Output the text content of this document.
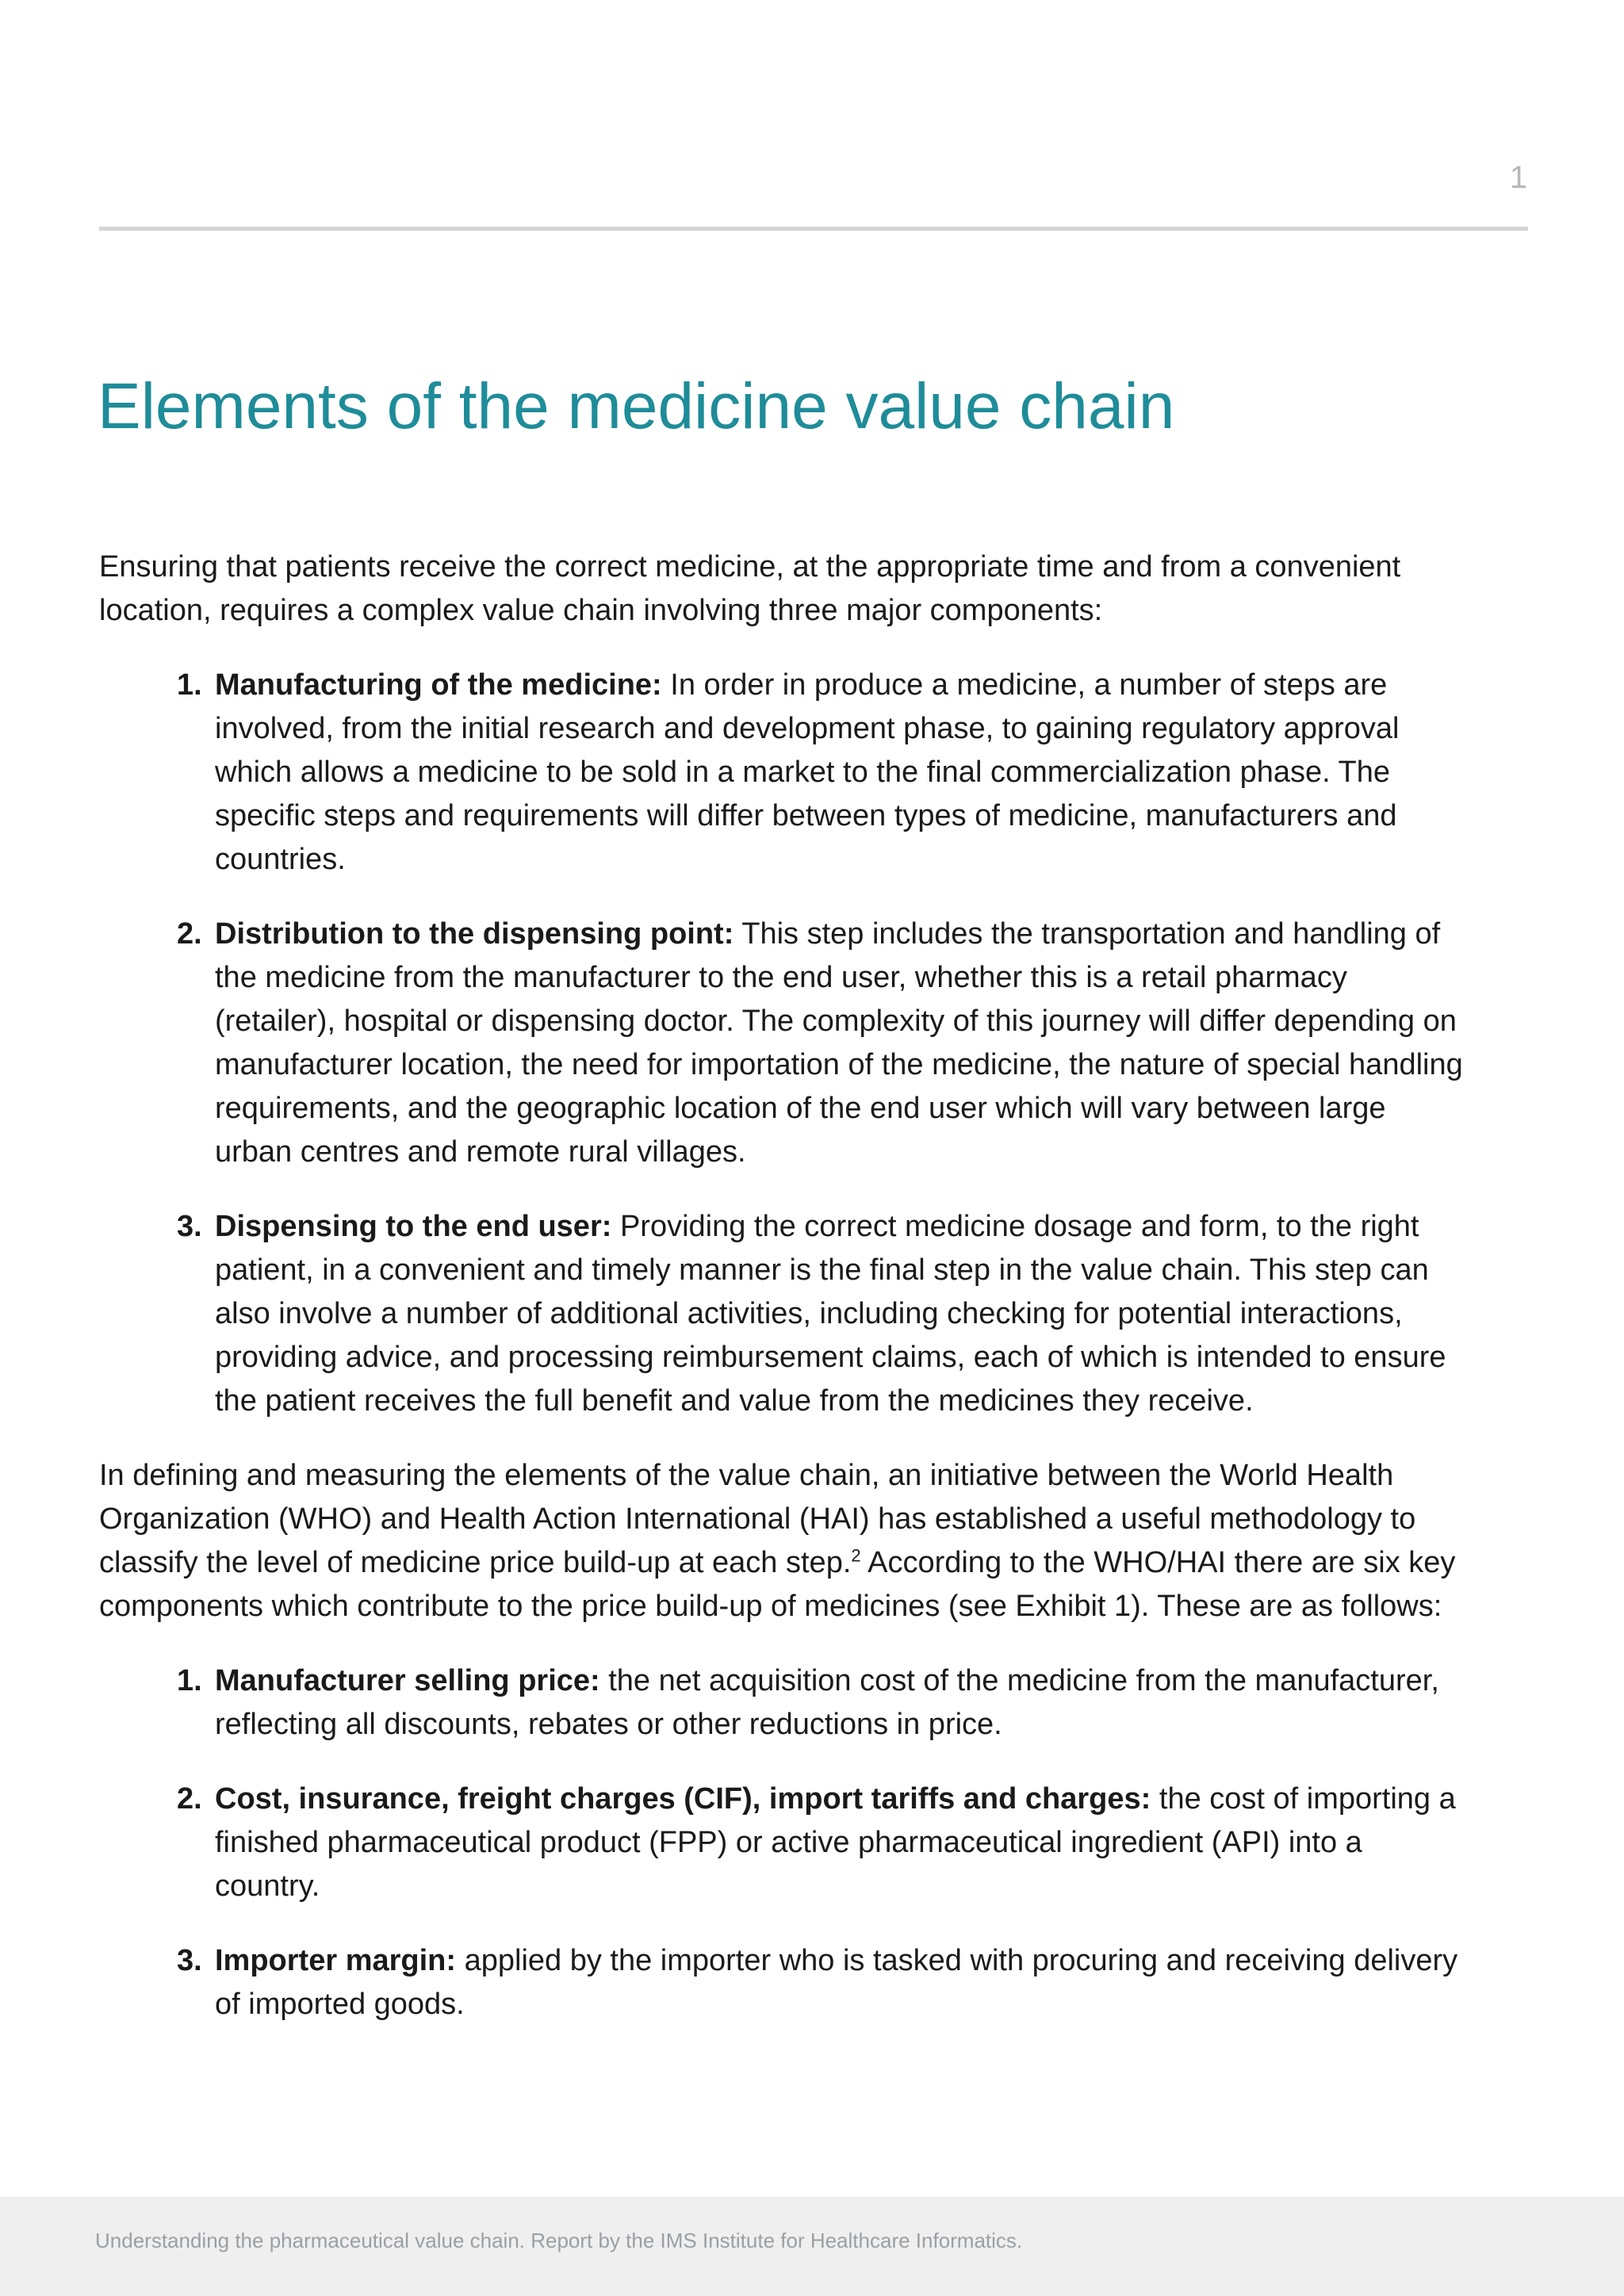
1
Elements of the medicine value chain

Ensuring that patients receive the correct medicine, at the appropriate time and from a convenient location, requires a complex value chain involving three major components:

1. Manufacturing of the medicine: In order in produce a medicine, a number of steps are involved, from the initial research and development phase, to gaining regulatory approval which allows a medicine to be sold in a market to the final commercialization phase. The specific steps and requirements will differ between types of medicine, manufacturers and countries.
2. Distribution to the dispensing point: This step includes the transportation and handling of the medicine from the manufacturer to the end user, whether this is a retail pharmacy (retailer), hospital or dispensing doctor. The complexity of this journey will differ depending on manufacturer location, the need for importation of the medicine, the nature of special handling requirements, and the geographic location of the end user which will vary between large urban centres and remote rural villages.
3. Dispensing to the end user: Providing the correct medicine dosage and form, to the right patient, in a convenient and timely manner is the final step in the value chain. This step can also involve a number of additional activities, including checking for potential interactions, providing advice, and processing reimbursement claims, each of which is intended to ensure the patient receives the full benefit and value from the medicines they receive.

In defining and measuring the elements of the value chain, an initiative between the World Health Organization (WHO) and Health Action International (HAI) has established a useful methodology to classify the level of medicine price build-up at each step.$^2$ According to the WHO/HAI there are six key components which contribute to the price build-up of medicines (see Exhibit 1). These are as follows:

1. Manufacturer selling price: the net acquisition cost of the medicine from the manufacturer, reflecting all discounts, rebates or other reductions in price.
2. Cost, insurance, freight charges (CIF), import tariffs and charges: the cost of importing a finished pharmaceutical product (FPP) or active pharmaceutical ingredient (API) into a country.
3. Importer margin: applied by the importer who is tasked with procuring and receiving delivery of imported goods.
Understanding the pharmaceutical value chain. Report by the IMS Institute for Healthcare Informatics.
